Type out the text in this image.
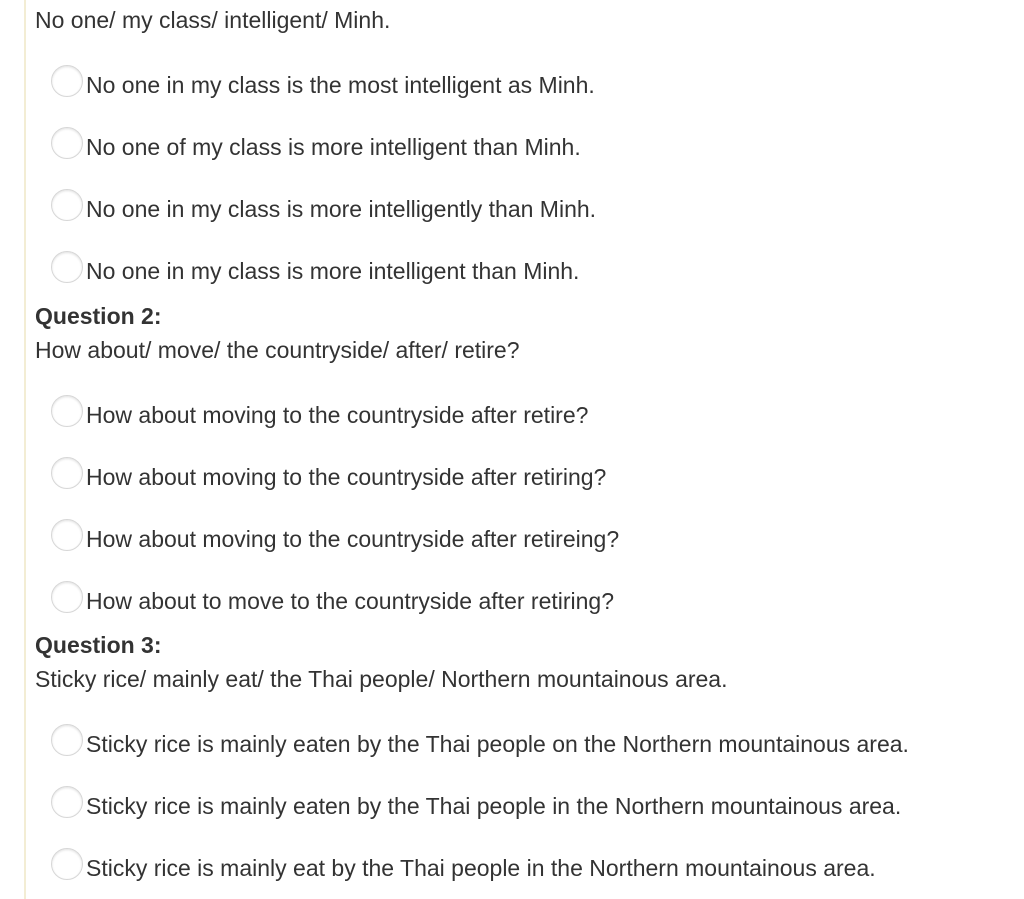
No one/ my class/ intelligent/ Minh.
No one in my class is the most intelligent as Minh.
No one of my class is more intelligent than Minh.
No one in my class is more intelligently than Minh.
No one in my class is more intelligent than Minh.
Question 2:
How about/ move/ the countryside/ after/ retire?
How about moving to the countryside after retire?
How about moving to the countryside after retiring?
How about moving to the countryside after retireing?
How about to move to the countryside after retiring?
Question 3:
Sticky rice/ mainly eat/ the Thai people/ Northern mountainous area.
Sticky rice is mainly eaten by the Thai people on the Northern mountainous area.
Sticky rice is mainly eaten by the Thai people in the Northern mountainous area.
Sticky rice is mainly eat by the Thai people in the Northern mountainous area.
